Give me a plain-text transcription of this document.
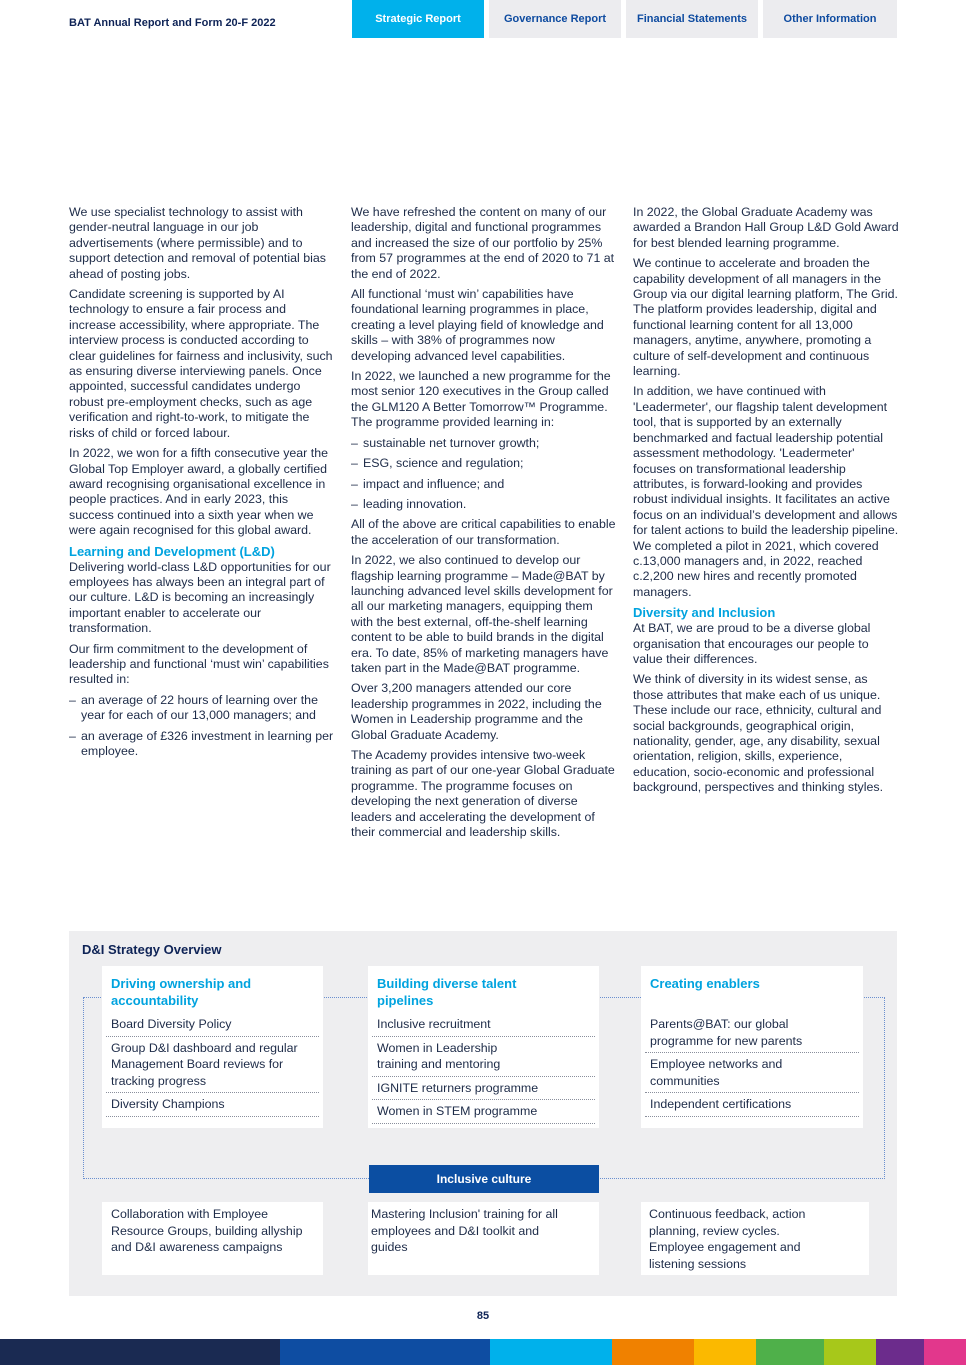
BAT Annual Report and Form 20-F 2022	Strategic Report	Governance Report	Financial Statements	Other Information

We use specialist technology to assist with gender-neutral language in our job advertisements (where permissible) and to support detection and removal of potential bias ahead of posting jobs.

Candidate screening is supported by AI technology to ensure a fair process and increase accessibility, where appropriate. The interview process is conducted according to clear guidelines for fairness and inclusivity, such as ensuring diverse interviewing panels. Once appointed, successful candidates undergo robust pre-employment checks, such as age verification and right-to-work, to mitigate the risks of child or forced labour.

In 2022, we won for a fifth consecutive year the Global Top Employer award, a globally certified award recognising organisational excellence in people practices. And in early 2023, this success continued into a sixth year when we were again recognised for this global award.

Learning and Development (L&D)

Delivering world-class L&D opportunities for our employees has always been an integral part of our culture. L&D is becoming an increasingly important enabler to accelerate our transformation.

Our firm commitment to the development of leadership and functional ‘must win’ capabilities resulted in:

– an average of 22 hours of learning over the year for each of our 13,000 managers; and
– an average of £326 investment in learning per employee.

We have refreshed the content on many of our leadership, digital and functional programmes and increased the size of our portfolio by 25% from 57 programmes at the end of 2020 to 71 at the end of 2022.

All functional ‘must win’ capabilities have foundational learning programmes in place, creating a level playing field of knowledge and skills – with 38% of programmes now developing advanced level capabilities.

In 2022, we launched a new programme for the most senior 120 executives in the Group called the GLM120 A Better Tomorrow™ Programme. The programme provided learning in:

– sustainable net turnover growth;
– ESG, science and regulation;
– impact and influence; and
– leading innovation.

All of the above are critical capabilities to enable the acceleration of our transformation.

In 2022, we also continued to develop our flagship learning programme – Made@BAT by launching advanced level skills development for all our marketing managers, equipping them with the best external, off-the-shelf learning content to be able to build brands in the digital era. To date, 85% of marketing managers have taken part in the Made@BAT programme.

Over 3,200 managers attended our core leadership programmes in 2022, including the Women in Leadership programme and the Global Graduate Academy.

The Academy provides intensive two-week training as part of our one-year Global Graduate programme. The programme focuses on developing the next generation of diverse leaders and accelerating the development of their commercial and leadership skills.

In 2022, the Global Graduate Academy was awarded a Brandon Hall Group L&D Gold Award for best blended learning programme.

We continue to accelerate and broaden the capability development of all managers in the Group via our digital learning platform, The Grid. The platform provides leadership, digital and functional learning content for all 13,000 managers, anytime, anywhere, promoting a culture of self-development and continuous learning.

In addition, we have continued with 'Leadermeter', our flagship talent development tool, that is supported by an externally benchmarked and factual leadership potential assessment methodology. 'Leadermeter' focuses on transformational leadership attributes, is forward-looking and provides robust individual insights. It facilitates an active focus on an individual’s development and allows for talent actions to build the leadership pipeline. We completed a pilot in 2021, which covered c.13,000 managers and, in 2022, reached c.2,200 new hires and recently promoted managers.

Diversity and Inclusion

At BAT, we are proud to be a diverse global organisation that encourages our people to value their differences.

We think of diversity in its widest sense, as those attributes that make each of us unique. These include our race, ethnicity, cultural and social backgrounds, geographical origin, nationality, gender, age, any disability, sexual orientation, religion, skills, experience, education, socio-economic and professional background, perspectives and thinking styles.

D&I Strategy Overview
Driving ownership and accountability
Board Diversity Policy
Group D&I dashboard and regular Management Board reviews for tracking progress
Diversity Champions
Building diverse talent pipelines
Inclusive recruitment
Women in Leadership training and mentoring
IGNITE returners programme
Women in STEM programme
Creating enablers
Parents@BAT: our global programme for new parents
Employee networks and communities
Independent certifications
Inclusive culture
Collaboration with Employee Resource Groups, building allyship and D&I awareness campaigns
Mastering Inclusion' training for all employees and D&I toolkit and guides
Continuous feedback, action planning, review cycles. Employee engagement and listening sessions
85
